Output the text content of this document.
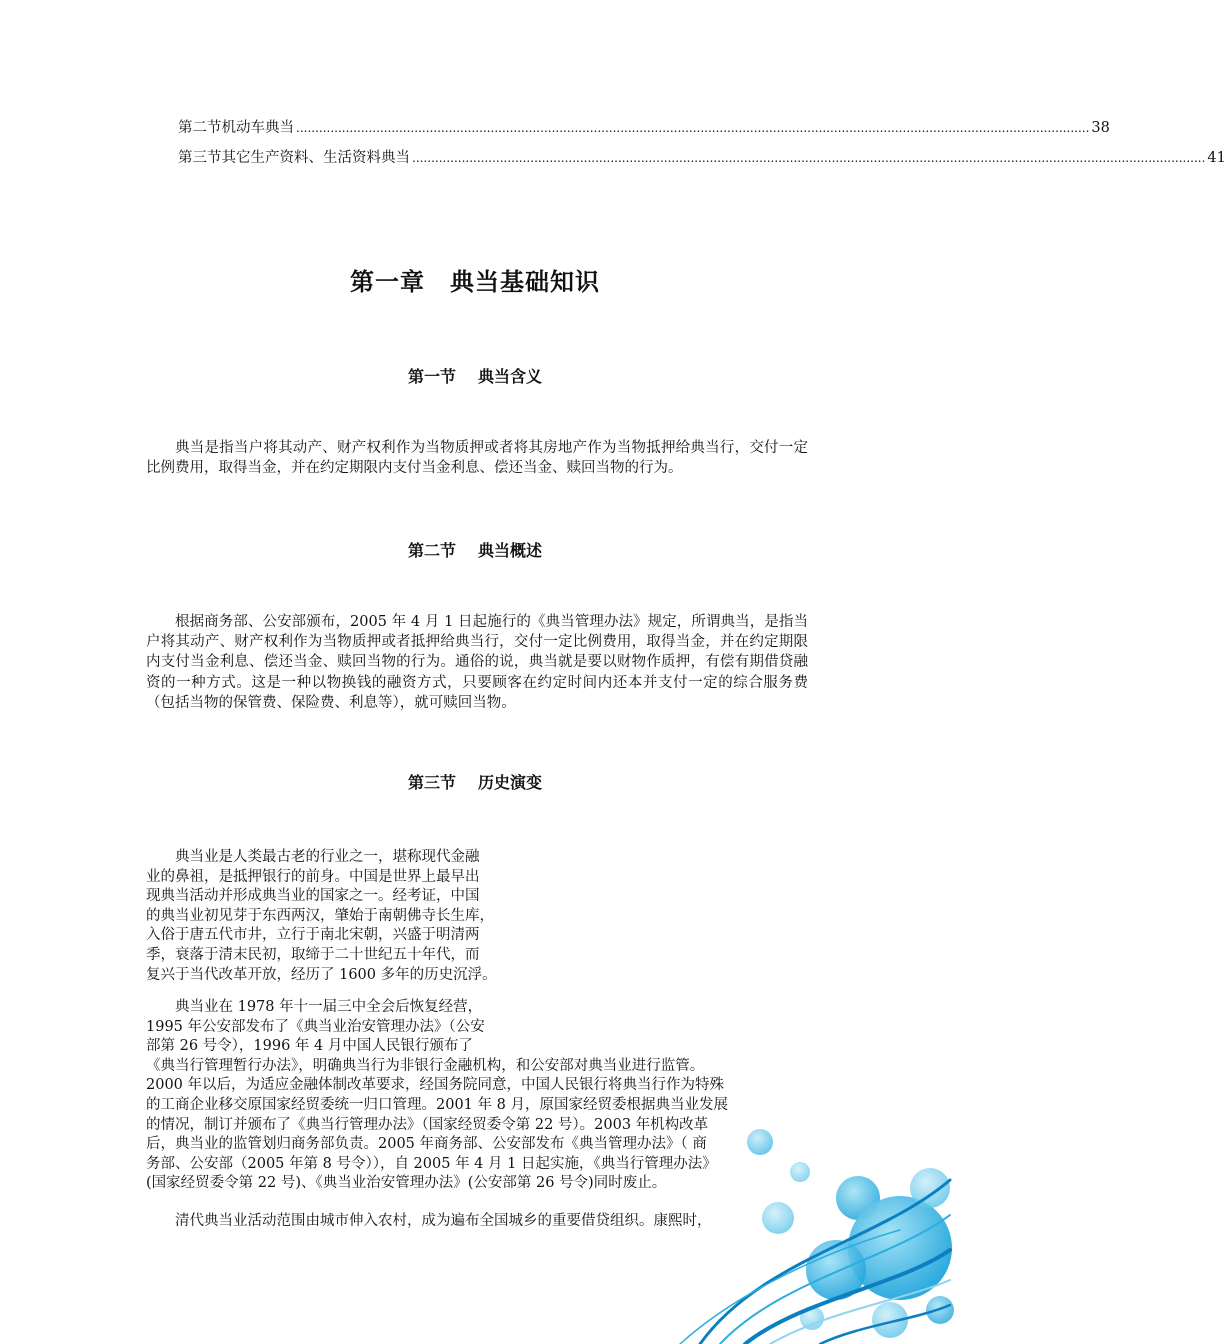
第二节 机动车典当 ................................................................................................................................................................................................................ 38
第三节 其它生产资料、生活资料典当 ................................................................................................................................................................................................................ 41
第一章　典当基础知识
第一节 典当含义

典当是指当户将其动产、财产权利作为当物质押或者将其房地产作为当物抵押给典当行，交付一定比例费用，取得当金，并在约定期限内支付当金利息、偿还当金、赎回当物的行为。

第二节 典当概述

根据商务部、公安部颁布，2005 年 4 月 1 日起施行的《典当管理办法》规定，所谓典当，是指当户将其动产、财产权利作为当物质押或者抵押给典当行，交付一定比例费用，取得当金，并在约定期限内支付当金利息、偿还当金、赎回当物的行为。通俗的说，典当就是要以财物作质押，有偿有期借贷融资的一种方式。这是一种以物换钱的融资方式，只要顾客在约定时间内还本并支付一定的综合服务费（包括当物的保管费、保险费、利息等），就可赎回当物。

第三节 历史演变
典当业是人类最古老的行业之一，堪称现代金融
业的鼻祖，是抵押银行的前身。中国是世界上最早出
现典当活动并形成典当业的国家之一。经考证，中国
的典当业初见芽于东西两汉，肇始于南朝佛寺长生库，
入俗于唐五代市井，立行于南北宋朝，兴盛于明清两
季，衰落于清末民初，取缔于二十世纪五十年代，而
复兴于当代改革开放，经历了 1600 多年的历史沉浮。
典当业在 1978 年十一届三中全会后恢复经营，
1995 年公安部发布了《典当业治安管理办法》（公安
部第 26 号令），1996 年 4 月中国人民银行颁布了
《典当行管理暂行办法》，明确典当行为非银行金融机构，和公安部对典当业进行监管。
2000 年以后，为适应金融体制改革要求，经国务院同意，中国人民银行将典当行作为特殊
的工商企业移交原国家经贸委统一归口管理。2001 年 8 月，原国家经贸委根据典当业发展
的情况，制订并颁布了《典当行管理办法》（国家经贸委令第 22 号）。2003 年机构改革
后，典当业的监管划归商务部负责。2005 年商务部、公安部发布《典当管理办法》（ 商
务部、公安部（2005 年第 8 号令）），自 2005 年 4 月 1 日起实施，《典当行管理办法》
(国家经贸委令第 22 号)、《典当业治安管理办法》(公安部第 26 号令)同时废止。
清代典当业活动范围由城市伸入农村，成为遍布全国城乡的重要借贷组织。康熙时，
